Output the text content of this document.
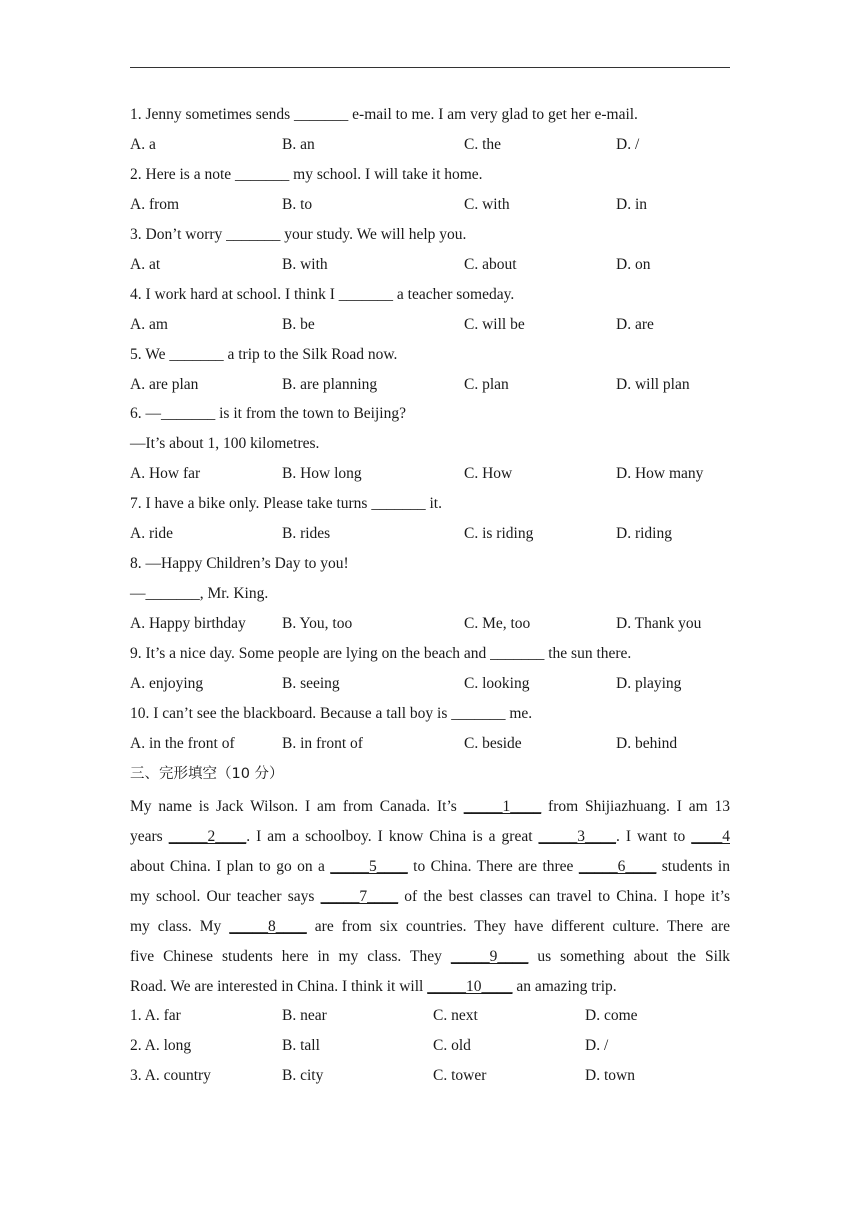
1. Jenny sometimes sends _______ e-mail to me. I am very glad to get her e-mail.
A. a	B. an	C. the	D. /
2. Here is a note _______ my school. I will take it home.
A. from	B. to	C. with	D. in
3. Don’t worry _______ your study. We will help you.
A. at	B. with	C. about	D. on
4. I work hard at school. I think I _______ a teacher someday.
A. am	B. be	C. will be	D. are
5. We _______ a trip to the Silk Road now.
A. are plan	B. are planning	C. plan	D. will plan
6. —_______ is it from the town to Beijing?
—It’s about 1, 100 kilometres.
A. How far	B. How long	C. How	D. How many
7. I have a bike only. Please take turns _______ it.
A. ride	B. rides	C. is riding	D. riding
8. —Happy Children’s Day to you!
—_______, Mr. King.
A. Happy birthday B. You, too	C. Me, too	D. Thank you
9. It’s a nice day. Some people are lying on the beach and _______ the sun there.
A. enjoying	B. seeing	C. looking	D. playing
10. I can’t see the blackboard. Because a tall boy is _______ me.
A. in the front of	B. in front of	C. beside	D. behind
三、完形填空（10 分）
My name is Jack Wilson. I am from Canada. It’s _____1____ from Shijiazhuang. I am 13
years _____2____. I am a schoolboy. I know China is a great _____3____. I want to ____4
about China. I plan to go on a _____5____ to China. There are three _____6____ students in
my school. Our teacher says _____7____ of the best classes can travel to China. I hope it’s
my class. My _____8____ are from six countries. They have different culture. There are
five Chinese students here in my class. They _____9____ us something about the Silk
Road. We are interested in China. I think it will _____10____ an amazing trip.
1. A. far	B. near	C. next	D. come
2. A. long	B. tall	C. old	D. /
3. A. country	B. city	C. tower	D. town
